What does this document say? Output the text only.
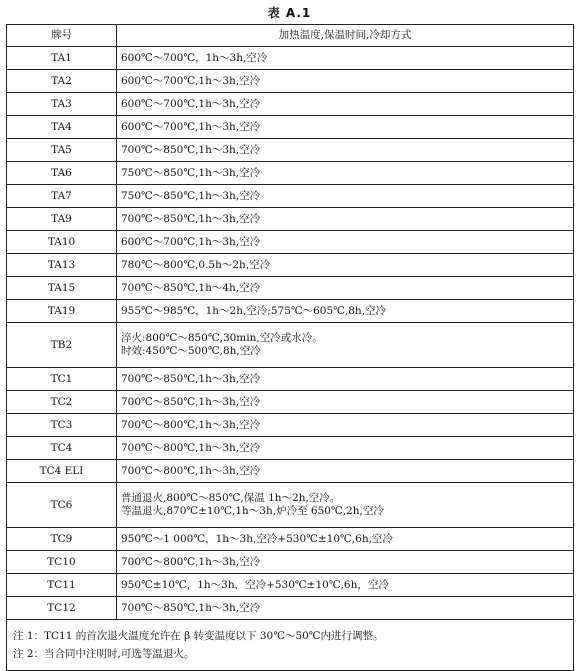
表 A.1
牌号	加热温度,保温时间,冷却方式
TA1	600℃～700℃，1h～3h,空冷

TA2	600℃～700℃,1h～3h,空冷

TA3	600℃～700℃,1h～3h,空冷

TA4	600℃～700℃,1h～3h,空冷

TA5	700℃～850℃,1h～3h,空冷

TA6	750℃～850℃,1h～3h,空冷

TA7	750℃～850℃,1h～3h,空冷

TA9	700℃～850℃,1h～3h,空冷

TA10	600℃～700℃,1h～3h,空冷

TA13	780℃～800℃,0.5h～2h,空冷

TA15	700℃～850℃,1h～4h,空冷

TA19	955℃～985℃，1h～2h,空冷;575℃～605℃,8h,空冷

TB2	淬火:800℃～850℃,30min,空冷或水冷。
时效:450℃～500℃,8h,空冷

TC1	700℃～850℃,1h～3h,空冷

TC2	700℃～850℃,1h～3h,空冷

TC3	700℃～800℃,1h～3h,空冷

TC4	700℃～800℃,1h～3h,空冷

TC4 ELI	700℃～800℃,1h～3h,空冷

TC6	普通退火,800℃～850℃,保温 1h～2h,空冷。
等温退火,870℃±10℃,1h～3h,炉冷至 650℃,2h,空冷

TC9	950℃～1 000℃，1h～3h,空冷+530℃±10℃,6h,空冷

TC10	700℃～800℃,1h～3h,空冷

TC11	950℃±10℃，1h～3h，空冷+530℃±10℃,6h，空冷

TC12	700℃～850℃,1h～3h,空冷

注 1：TC11 的首次退火温度允许在 β 转变温度以下 30℃～50℃内进行调整。
注 2：当合同中注明时,可选等温退火。	
